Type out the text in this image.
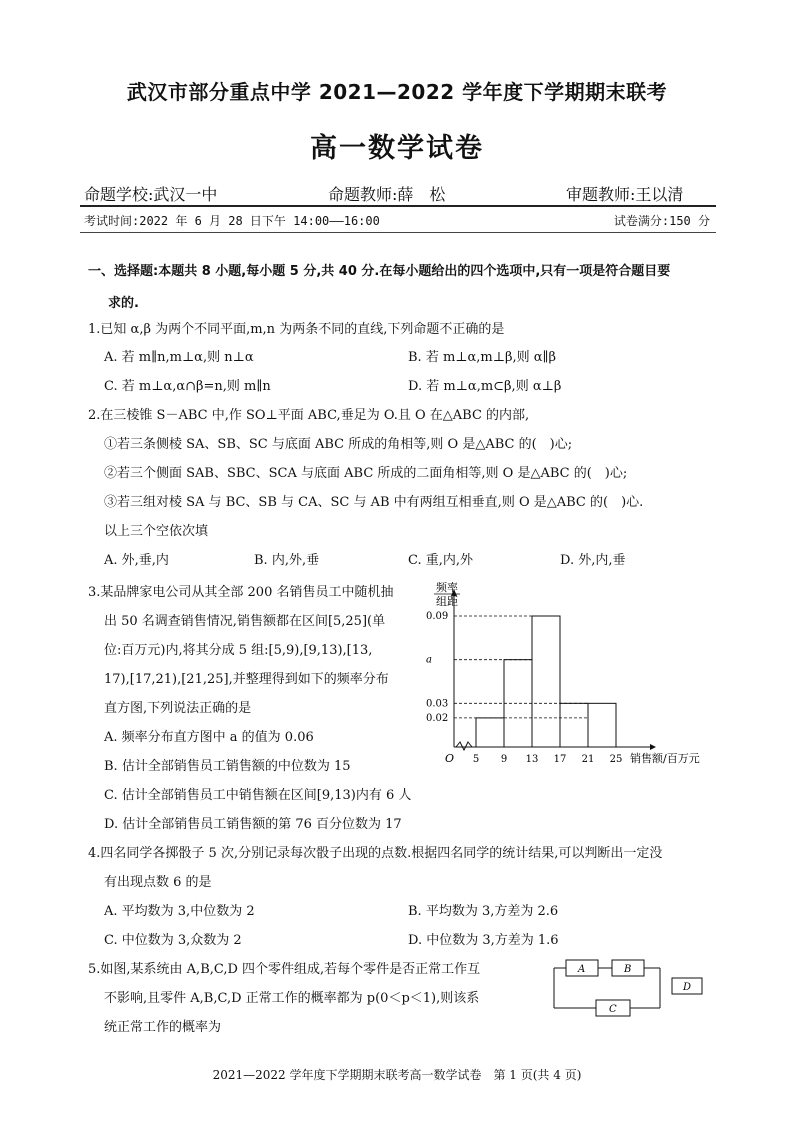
武汉市部分重点中学 2021—2022 学年度下学期期末联考
高一数学试卷
命题学校:武汉一中	命题教师:薛　松	审题教师:王以清
考试时间:2022 年 6 月 28 日下午 14:00——16:00	试卷满分:150 分
一、选择题:本题共 8 小题,每小题 5 分,共 40 分.在每小题给出的四个选项中,只有一项是符合题目要
求的.
1.已知 α,β 为两个不同平面,m,n 为两条不同的直线,下列命题不正确的是
A. 若 m∥n,m⊥α,则 n⊥α	B. 若 m⊥α,m⊥β,则 α∥β
C. 若 m⊥α,α∩β=n,则 m∥n	D. 若 m⊥α,m⊂β,则 α⊥β
2.在三棱锥 S－ABC 中,作 SO⊥平面 ABC,垂足为 O.且 O 在△ABC 的内部,
①若三条侧棱 SA、SB、SC 与底面 ABC 所成的角相等,则 O 是△ABC 的(　)心;
②若三个侧面 SAB、SBC、SCA 与底面 ABC 所成的二面角相等,则 O 是△ABC 的(　)心;
③若三组对棱 SA 与 BC、SB 与 CA、SC 与 AB 中有两组互相垂直,则 O 是△ABC 的(　)心.
以上三个空依次填
A. 外,垂,内	B. 内,外,垂	C. 重,内,外	D. 外,内,垂
3.某品牌家电公司从其全部 200 名销售员工中随机抽
出 50 名调查销售情况,销售额都在区间[5,25](单
位:百万元)内,将其分成 5 组:[5,9),[9,13),[13,
17),[17,21),[21,25],并整理得到如下的频率分布
直方图,下列说法正确的是
A. 频率分布直方图中 a 的值为 0.06
B. 估计全部销售员工销售额的中位数为 15
C. 估计全部销售员工中销售额在区间[9,13)内有 6 人
D. 估计全部销售员工销售额的第 76 百分位数为 17
频率
组距
O	销售额/百万元
0.09
a
0.03
0.02
5 9 13 17 21 25
4.四名同学各掷骰子 5 次,分别记录每次骰子出现的点数.根据四名同学的统计结果,可以判断出一定没
有出现点数 6 的是
A. 平均数为 3,中位数为 2	B. 平均数为 3,方差为 2.6
C. 中位数为 3,众数为 2	D. 中位数为 3,方差为 1.6
5.如图,某系统由 A,B,C,D 四个零件组成,若每个零件是否正常工作互
不影响,且零件 A,B,C,D 正常工作的概率都为 p(0＜p＜1),则该系
统正常工作的概率为
A	B
C
D
2021—2022 学年度下学期期末联考高一数学试卷　第 1 页(共 4 页)
